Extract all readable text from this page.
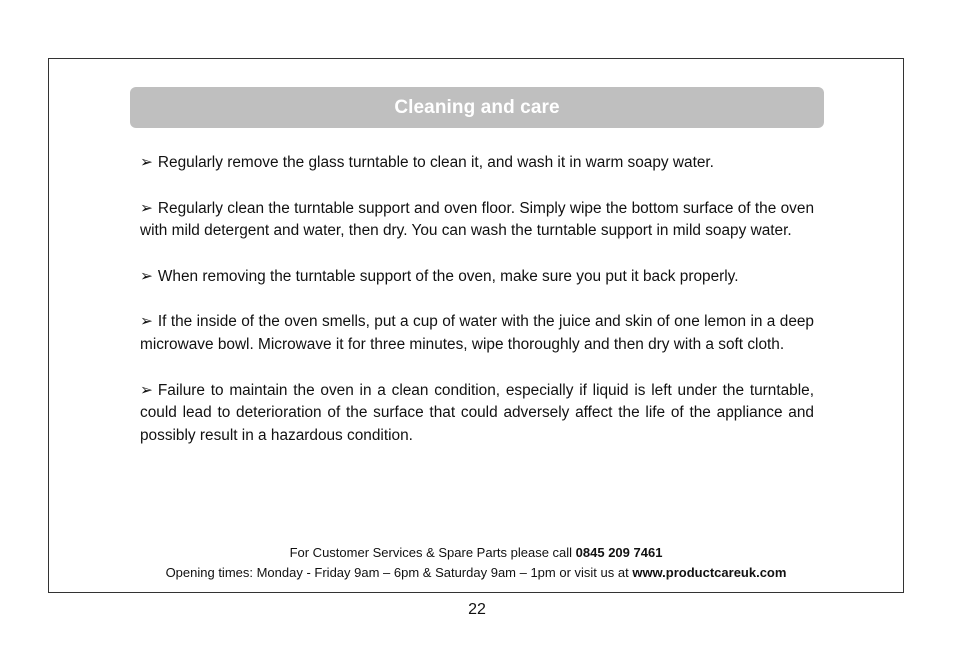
Cleaning and care

➢ Regularly remove the glass turntable to clean it, and wash it in warm soapy water.

➢ Regularly clean the turntable support and oven floor. Simply wipe the bottom surface of the oven with mild detergent and water, then dry. You can wash the turntable support in mild soapy water.

➢ When removing the turntable support of the oven, make sure you put it back properly.

➢ If the inside of the oven smells, put a cup of water with the juice and skin of one lemon in a deep microwave bowl. Microwave it for three minutes, wipe thoroughly and then dry with a soft cloth.

➢ Failure to maintain the oven in a clean condition, especially if liquid is left under the turntable, could lead to deterioration of the surface that could adversely affect the life of the appliance and possibly result in a hazardous condition.

For Customer Services & Spare Parts please call 0845 209 7461
Opening times: Monday - Friday 9am – 6pm & Saturday 9am – 1pm or visit us at www.productcareuk.com
22
